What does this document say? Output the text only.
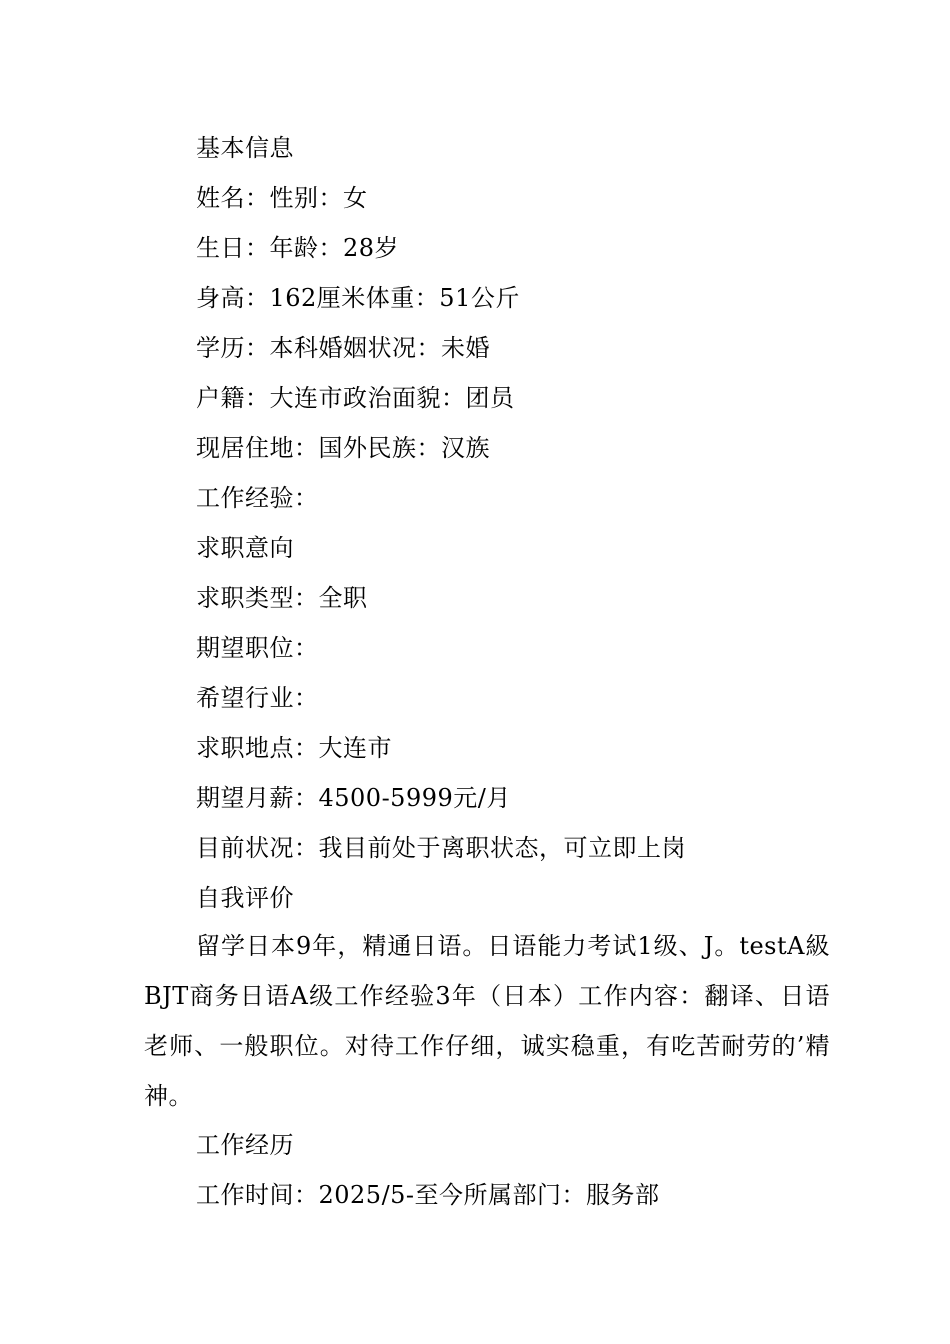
基本信息
姓名：性别：女
生日：年龄：28岁
身高：162厘米体重：51公斤
学历：本科婚姻状况：未婚
户籍：大连市政治面貌：团员
现居住地：国外民族：汉族
工作经验：
求职意向
求职类型：全职
期望职位：
希望行业：
求职地点：大连市
期望月薪：4500-5999元/月
目前状况：我目前处于离职状态，可立即上岗
自我评价
留学日本9年，精通日语。日语能力考试1级、J。testA級BJT商务日语A级工作经验3年（日本）工作内容：翻译、日语老师、一般职位。对待工作仔细，诚实稳重，有吃苦耐劳的’精神。
工作经历
工作时间：2025/5-至今所属部门：服务部
